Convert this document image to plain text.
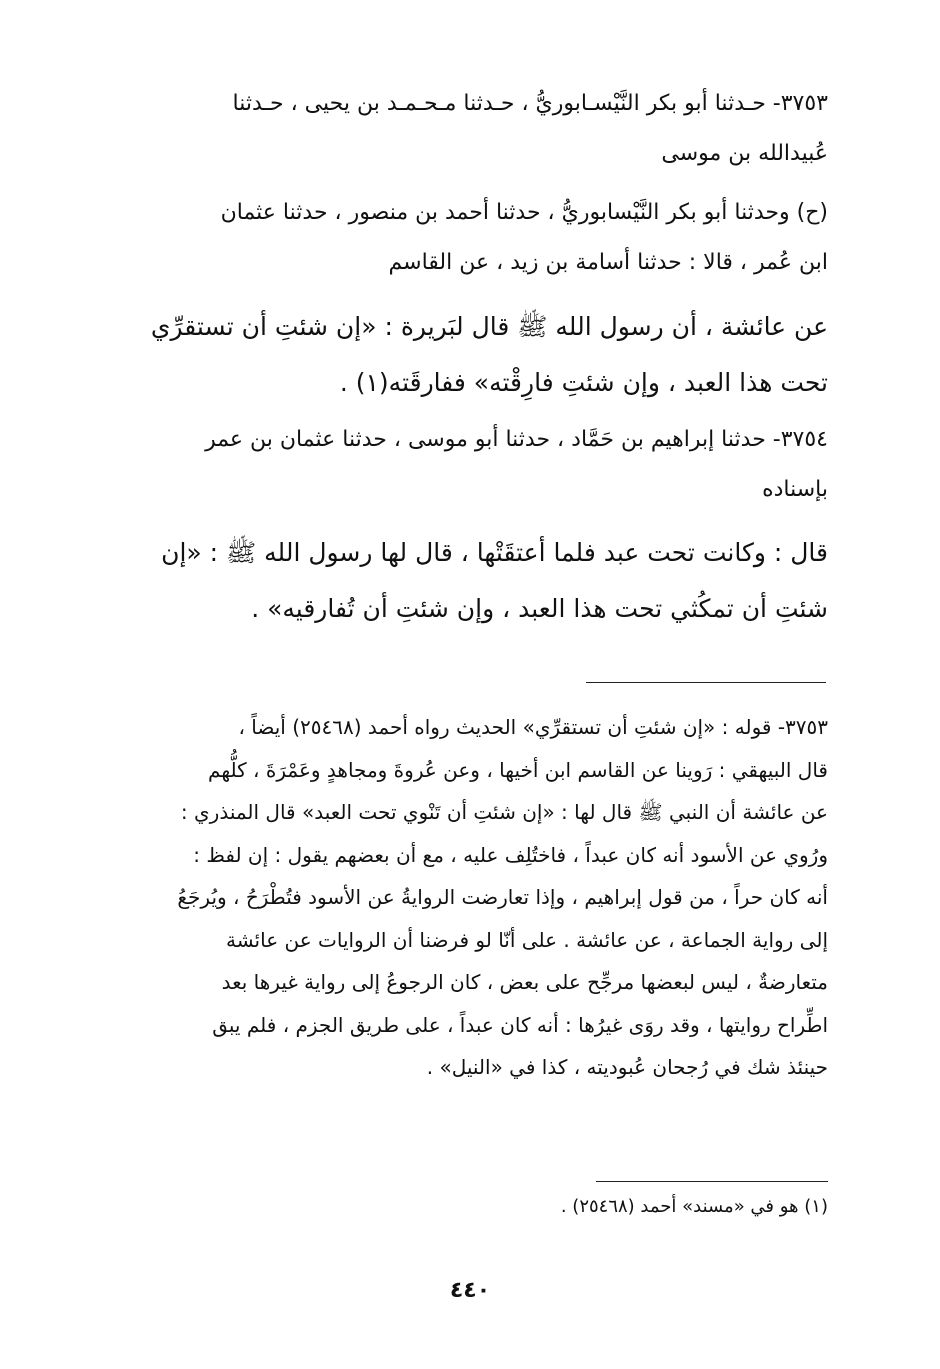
٣٧٥٣- حـدثنا أبو بكر النَّيْسـابوريُّ ، حـدثنا مـحـمـد بن يحيى ، حـدثنا
عُبيدالله بن موسى
(ح) وحدثنا أبو بكر النَّيْسابوريُّ ، حدثنا أحمد بن منصور ، حدثنا عثمان
ابن عُمر ، قالا : حدثنا أسامة بن زيد ، عن القاسم
عن عائشة ، أن رسول الله ﷺ قال لبَريرة : «إن شئتِ أن تستقرِّي
تحت هذا العبد ، وإن شئتِ فارِقْته» ففارقَته(١) .
٣٧٥٤- حدثنا إبراهيم بن حَمَّاد ، حدثنا أبو موسى ، حدثنا عثمان بن عمر
بإسناده
قال : وكانت تحت عبد فلما أعتقَتْها ، قال لها رسول الله ﷺ : «إن
شئتِ أن تمكُثي تحت هذا العبد ، وإن شئتِ أن تُفارقيه» .
٣٧٥٣- قوله : «إن شئتِ أن تستقرِّي» الحديث رواه أحمد (٢٥٤٦٨) أيضاً ،
قال البيهقي : رَوينا عن القاسم ابن أخيها ، وعن عُروةَ ومجاهدٍ وعَمْرَةَ ، كلُّهم
عن عائشة أن النبي ﷺ قال لها : «إن شئتِ أن تَنْوي تحت العبد» قال المنذري :
ورُوي عن الأسود أنه كان عبداً ، فاختُلِف عليه ، مع أن بعضهم يقول : إن لفظ :
أنه كان حراً ، من قول إبراهيم ، وإذا تعارضت الروايةُ عن الأسود فتُطْرَحُ ، ويُرجَعُ
إلى رواية الجماعة ، عن عائشة . على أنّا لو فرضنا أن الروايات عن عائشة
متعارضةٌ ، ليس لبعضها مرجِّح على بعض ، كان الرجوعُ إلى رواية غيرها بعد
اطِّراح روايتها ، وقد روَى غيرُها : أنه كان عبداً ، على طريق الجزم ، فلم يبق
حينئذ شك في رُجحان عُبوديته ، كذا في «النيل» .
(١) هو في «مسند» أحمد (٢٥٤٦٨) .
٤٤٠
